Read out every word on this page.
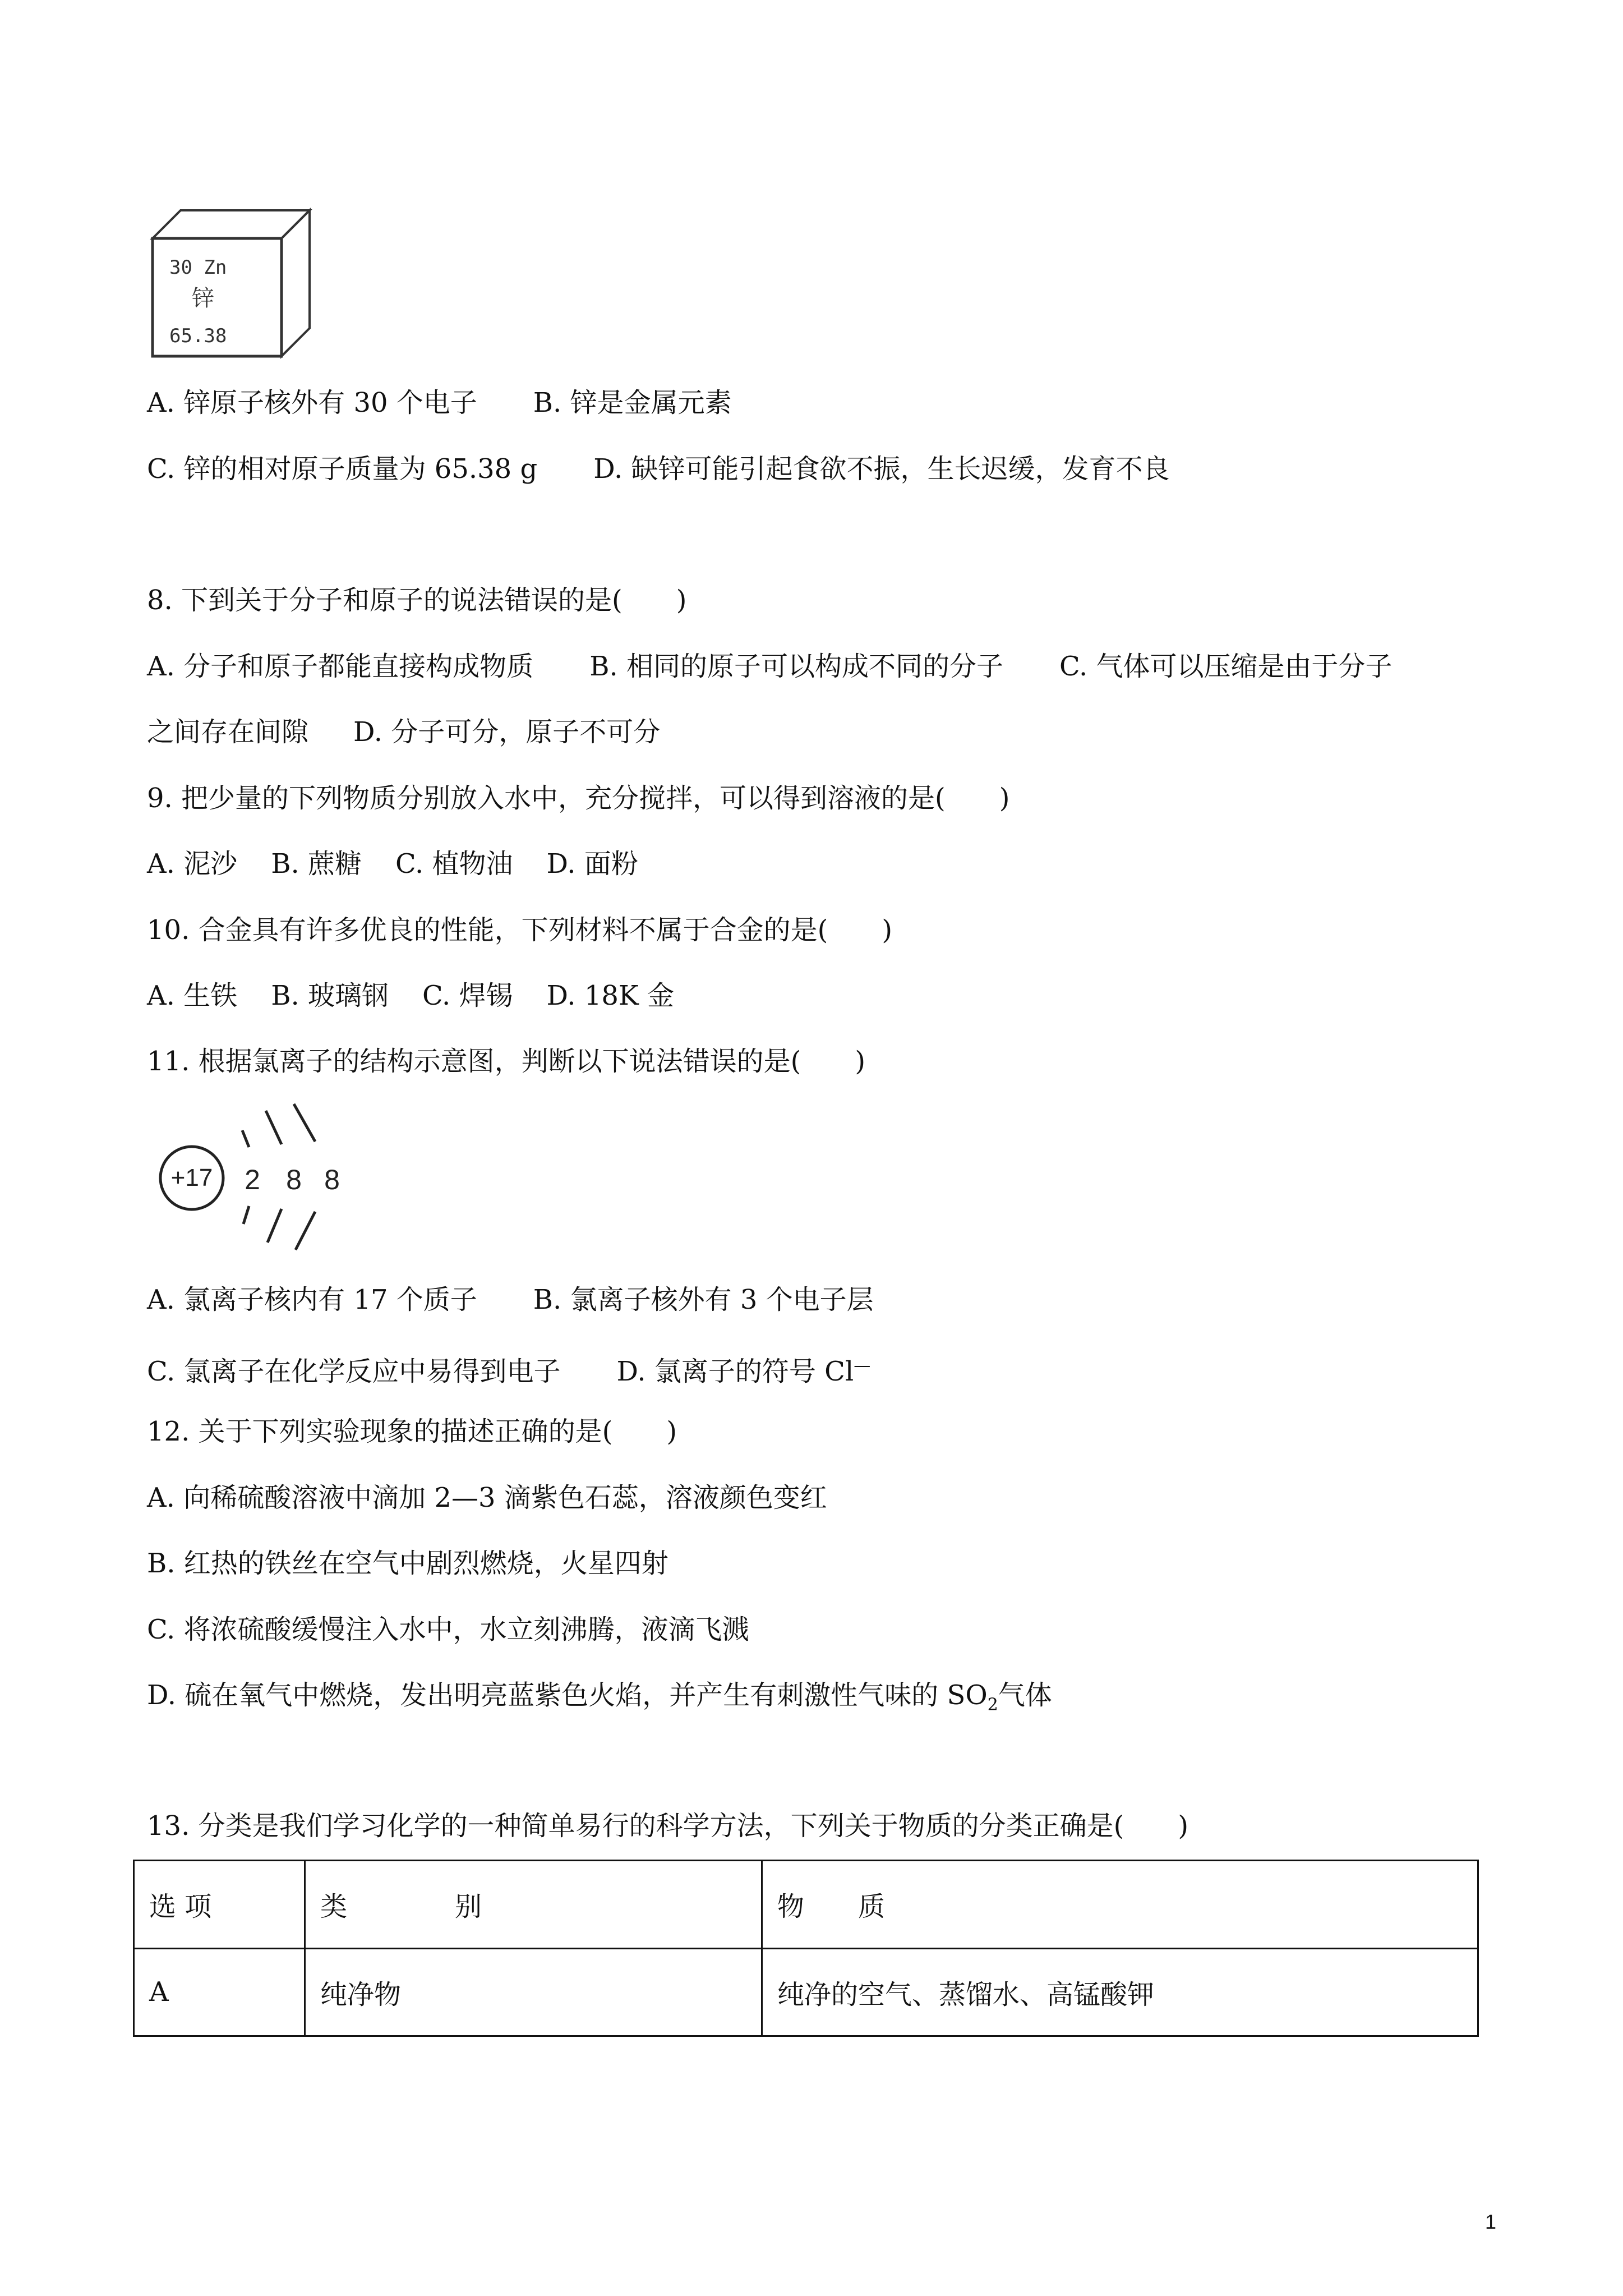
30 Zn
锌
65.38
A. 锌原子核外有 30 个电子 B. 锌是金属元素
C. 锌的相对原子质量为 65.38 g D. 缺锌可能引起食欲不振，生长迟缓，发育不良
8. 下到关于分子和原子的说法错误的是(　　)
A. 分子和原子都能直接构成物质 B. 相同的原子可以构成不同的分子 C. 气体可以压缩是由于分子
之间存在间隙 D. 分子可分，原子不可分
9. 把少量的下列物质分别放入水中，充分搅拌，可以得到溶液的是(　　)
A. 泥沙 B. 蔗糖 C. 植物油 D. 面粉
10. 合金具有许多优良的性能，下列材料不属于合金的是(　　)
A. 生铁 B. 玻璃钢 C. 焊锡 D. 18K 金
11. 根据氯离子的结构示意图，判断以下说法错误的是(　　)
+17 2 8 8
A. 氯离子核内有 17 个质子 B. 氯离子核外有 3 个电子层
C. 氯离子在化学反应中易得到电子 D. 氯离子的符号 Cl—
12. 关于下列实验现象的描述正确的是(　　)
A. 向稀硫酸溶液中滴加 2—3 滴紫色石蕊，溶液颜色变红
B. 红热的铁丝在空气中剧烈燃烧，火星四射
C. 将浓硫酸缓慢注入水中，水立刻沸腾，液滴飞溅
D. 硫在氧气中燃烧，发出明亮蓝紫色火焰，并产生有刺激性气味的 $SO_2$气体
13. 分类是我们学习化学的一种简单易行的科学方法，下列关于物质的分类正确是(　　)
选 项	类　　　　别	物　　质
A	纯净物	纯净的空气、蒸馏水、高锰酸钾
1
